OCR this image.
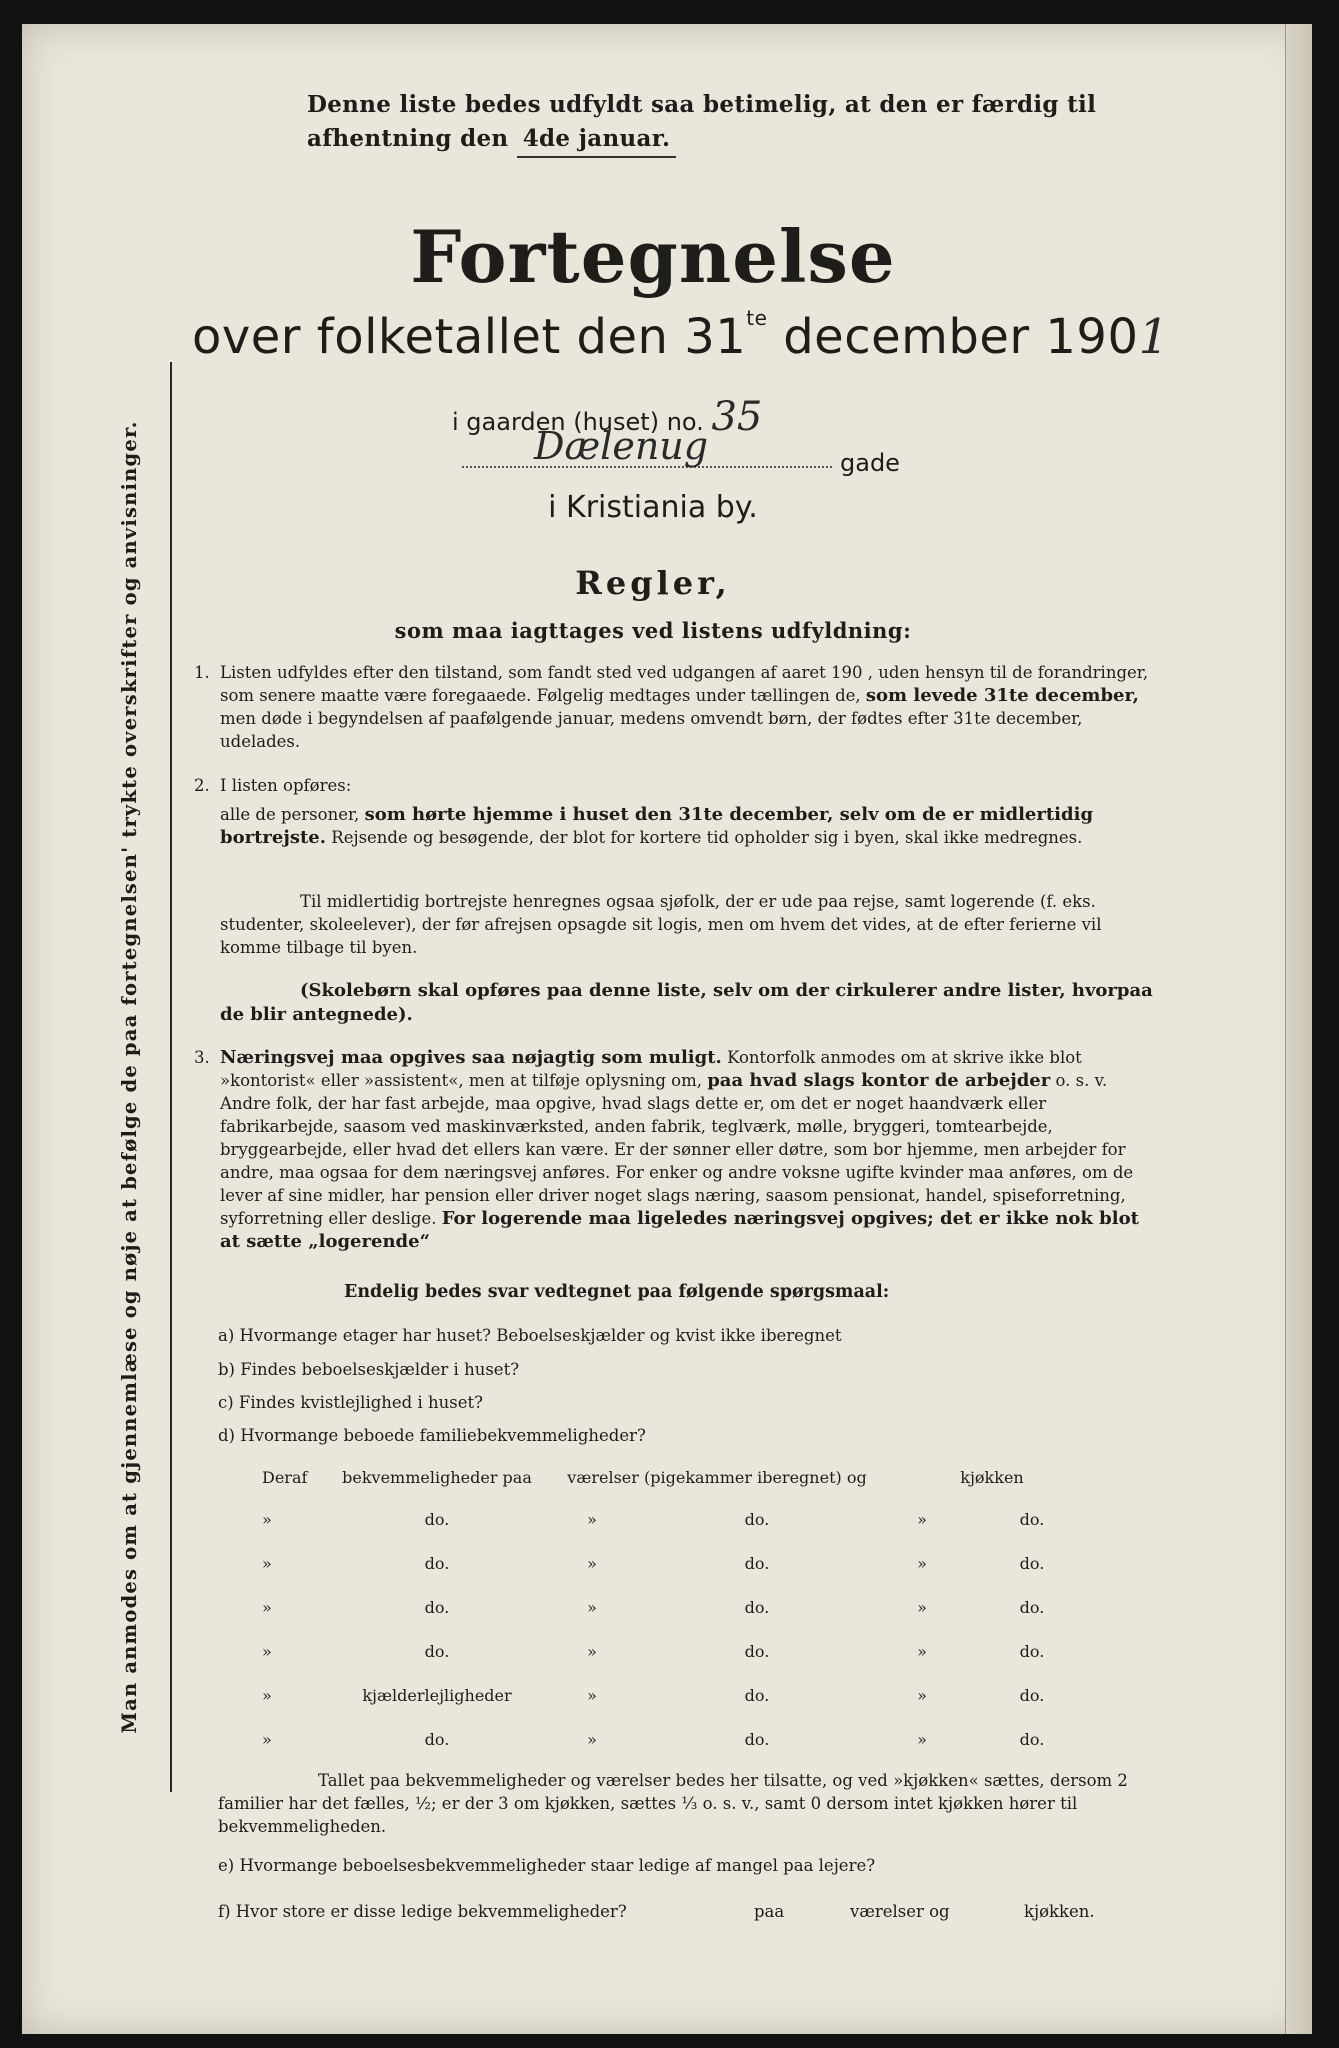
Denne liste bedes udfyldt saa betimelig, at den er færdig til
afhentning den 4de januar.
Fortegnelse
over folketallet den $31^{te}$ december 1901
i gaarden (huset) no. 35
Dælenug	gade
i Kristiania by.
Regler,
som maa iagttages ved listens udfyldning:
1. Listen udfyldes efter den tilstand, som fandt sted ved udgangen af aaret 190 , uden hensyn til de forandringer, som senere maatte være foregaaede. Følgelig medtages under tællingen de, som levede 31te december, men døde i begyndelsen af paafølgende januar, medens omvendt børn, der fødtes efter 31te december, udelades.
2. I listen opføres:
alle de personer, som hørte hjemme i huset den 31te december, selv om de er midlertidig bortrejste. Rejsende og besøgende, der blot for kortere tid opholder sig i byen, skal ikke medregnes.
Til midlertidig bortrejste henregnes ogsaa sjøfolk, der er ude paa rejse, samt logerende (f. eks. studenter, skoleelever), der før afrejsen opsagde sit logis, men om hvem det vides, at de efter ferierne vil komme tilbage til byen.
(Skolebørn skal opføres paa denne liste, selv om der cirkulerer andre lister, hvorpaa de blir antegnede).
3. Næringsvej maa opgives saa nøjagtig som muligt. Kontorfolk anmodes om at skrive ikke blot »kontorist« eller »assistent«, men at tilføje oplysning om, paa hvad slags kontor de arbejder o. s. v. Andre folk, der har fast arbejde, maa opgive, hvad slags dette er, om det er noget haandværk eller fabrikarbejde, saasom ved maskinværksted, anden fabrik, teglværk, mølle, bryggeri, tomtearbejde, bryggearbejde, eller hvad det ellers kan være. Er der sønner eller døtre, som bor hjemme, men arbejder for andre, maa ogsaa for dem næringsvej anføres. For enker og andre voksne ugifte kvinder maa anføres, om de lever af sine midler, har pension eller driver noget slags næring, saasom pensionat, handel, spiseforretning, syforretning eller deslige. For logerende maa ligeledes næringsvej opgives; det er ikke nok blot at sætte „logerende“
Endelig bedes svar vedtegnet paa følgende spørgsmaal:
a) Hvormange etager har huset? Beboelseskjælder og kvist ikke iberegnet
b) Findes beboelseskjælder i huset?
c) Findes kvistlejlighed i huset?
d) Hvormange beboede familiebekvemmeligheder?
Deraf	bekvemmeligheder paa	værelser (pigekammer iberegnet) og	kjøkken
»	do.	»	do.	»	do.
»	do.	»	do.	»	do.
»	do.	»	do.	»	do.
»	do.	»	do.	»	do.
»	kjælderlejligheder	»	do.	»	do.
»	do.	»	do.	»	do.
Tallet paa bekvemmeligheder og værelser bedes her tilsatte, og ved »kjøkken« sættes, dersom 2 familier har det fælles, ½; er der 3 om kjøkken, sættes ⅓ o. s. v., samt 0 dersom intet kjøkken hører til bekvemmeligheden.
e) Hvormange beboelsesbekvemmeligheder staar ledige af mangel paa lejere?
f) Hvor store er disse ledige bekvemmeligheder?	paa	værelser og	kjøkken.
Man anmodes om at gjennemlæse og nøje at befølge de paa fortegnelsen' trykte overskrifter og anvisninger.
